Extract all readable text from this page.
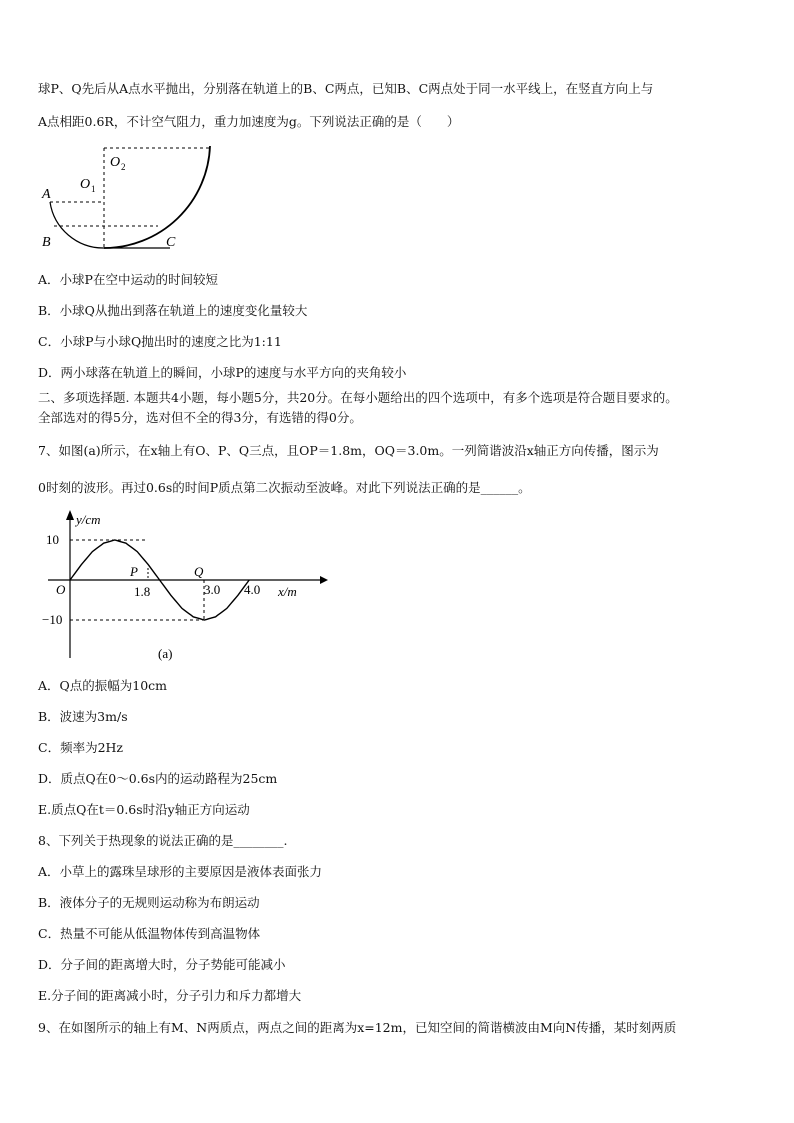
球P、Q先后从A点水平抛出，分别落在轨道上的B、C两点，已知B、C两点处于同一水平线上，在竖直方向上与
A点相距0.6R，不计空气阻力，重力加速度为g。下列说法正确的是（　　）
A
B	C
O 1
O 2
A．小球P在空中运动的时间较短
B．小球Q从抛出到落在轨道上的速度变化量较大
C．小球P与小球Q抛出时的速度之比为1:11
D．两小球落在轨道上的瞬间，小球P的速度与水平方向的夹角较小
二、多项选择题. 本题共4小题，每小题5分，共20分。在每小题给出的四个选项中，有多个选项是符合题目要求的。
全部选对的得5分，选对但不全的得3分，有选错的得0分。
7、如图(a)所示，在x轴上有O、P、Q三点，且OP＝1.8m，OQ＝3.0m。一列简谐波沿x轴正方向传播，图示为
0时刻的波形。再过0.6s的时间P质点第二次振动至波峰。对此下列说法正确的是______。
y/cm
x/m
10
−10
O
P
1.8
Q
3.0 4.0
(a)
A．Q点的振幅为10cm
B．波速为3m/s
C．频率为2Hz
D．质点Q在0～0.6s内的运动路程为25cm
E.质点Q在t＝0.6s时沿y轴正方向运动
8、下列关于热现象的说法正确的是________.
A．小草上的露珠呈球形的主要原因是液体表面张力
B．液体分子的无规则运动称为布朗运动
C．热量不可能从低温物体传到高温物体
D．分子间的距离增大时，分子势能可能减小
E.分子间的距离减小时，分子引力和斥力都增大
9、在如图所示的轴上有M、N两质点，两点之间的距离为x=12m，已知空间的简谐横波由M向N传播，某时刻两质
